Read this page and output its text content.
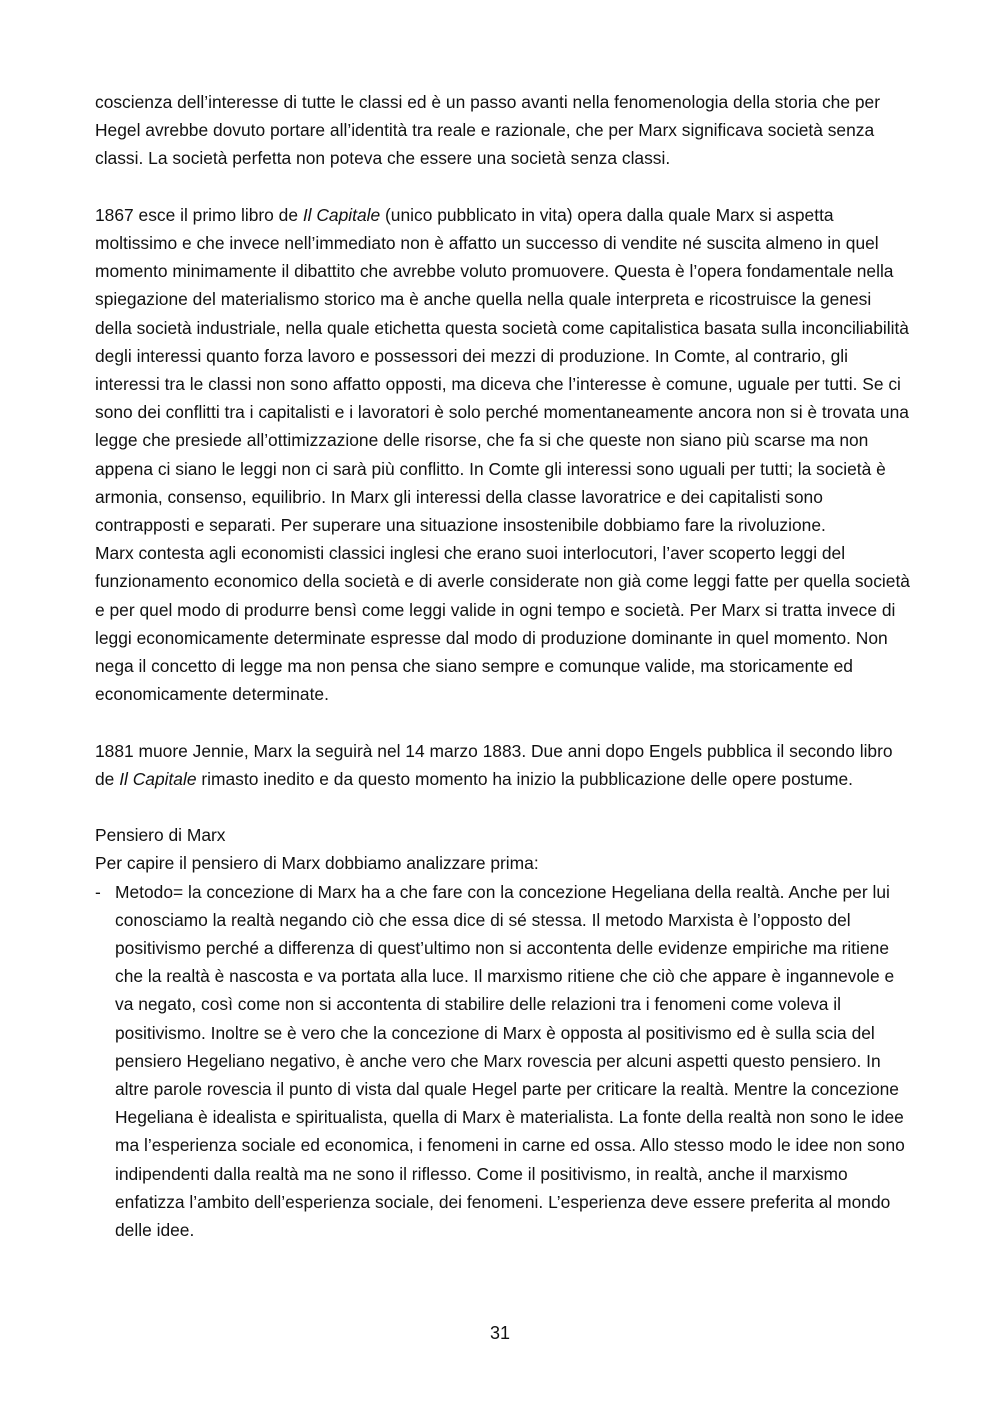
coscienza dell’interesse di tutte le classi ed è un passo avanti nella fenomenologia della storia che per Hegel avrebbe dovuto portare all’identità tra reale e razionale, che per Marx significava società senza classi. La società perfetta non poteva che essere una società senza classi.

1867 esce il primo libro de Il Capitale (unico pubblicato in vita) opera dalla quale Marx si aspetta moltissimo e che invece nell’immediato non è affatto un successo di vendite né suscita almeno in quel momento minimamente il dibattito che avrebbe voluto promuovere. Questa è l’opera fondamentale nella spiegazione del materialismo storico ma è anche quella nella quale interpreta e ricostruisce la genesi della società industriale, nella quale etichetta questa società come capitalistica basata sulla inconciliabilità degli interessi quanto forza lavoro e possessori dei mezzi di produzione. In Comte, al contrario, gli interessi tra le classi non sono affatto opposti, ma diceva che l’interesse è comune, uguale per tutti. Se ci sono dei conflitti tra i capitalisti e i lavoratori è solo perché momentaneamente ancora non si è trovata una legge che presiede all’ottimizzazione delle risorse, che fa si che queste non siano più scarse ma non appena ci siano le leggi non ci sarà più conflitto. In Comte gli interessi sono uguali per tutti; la società è armonia, consenso, equilibrio. In Marx gli interessi della classe lavoratrice e dei capitalisti sono contrapposti e separati. Per superare una situazione insostenibile dobbiamo fare la rivoluzione.

Marx contesta agli economisti classici inglesi che erano suoi interlocutori, l’aver scoperto leggi del funzionamento economico della società e di averle considerate non già come leggi fatte per quella società e per quel modo di produrre bensì come leggi valide in ogni tempo e società. Per Marx si tratta invece di leggi economicamente determinate espresse dal modo di produzione dominante in quel momento. Non nega il concetto di legge ma non pensa che siano sempre e comunque valide, ma storicamente ed economicamente determinate.

1881 muore Jennie, Marx la seguirà nel 14 marzo 1883. Due anni dopo Engels pubblica il secondo libro de Il Capitale rimasto inedito e da questo momento ha inizio la pubblicazione delle opere postume.

Pensiero di Marx

Per capire il pensiero di Marx dobbiamo analizzare prima:

- Metodo= la concezione di Marx ha a che fare con la concezione Hegeliana della realtà. Anche per lui conosciamo la realtà negando ciò che essa dice di sé stessa. Il metodo Marxista è l’opposto del positivismo perché a differenza di quest’ultimo non si accontenta delle evidenze empiriche ma ritiene che la realtà è nascosta e va portata alla luce. Il marxismo ritiene che ciò che appare è ingannevole e va negato, così come non si accontenta di stabilire delle relazioni tra i fenomeni come voleva il positivismo. Inoltre se è vero che la concezione di Marx è opposta al positivismo ed è sulla scia del pensiero Hegeliano negativo, è anche vero che Marx rovescia per alcuni aspetti questo pensiero. In altre parole rovescia il punto di vista dal quale Hegel parte per criticare la realtà. Mentre la concezione Hegeliana è idealista e spiritualista, quella di Marx è materialista. La fonte della realtà non sono le idee ma l’esperienza sociale ed economica, i fenomeni in carne ed ossa. Allo stesso modo le idee non sono indipendenti dalla realtà ma ne sono il riflesso. Come il positivismo, in realtà, anche il marxismo enfatizza l’ambito dell’esperienza sociale, dei fenomeni. L’esperienza deve essere preferita al mondo delle idee.
31
